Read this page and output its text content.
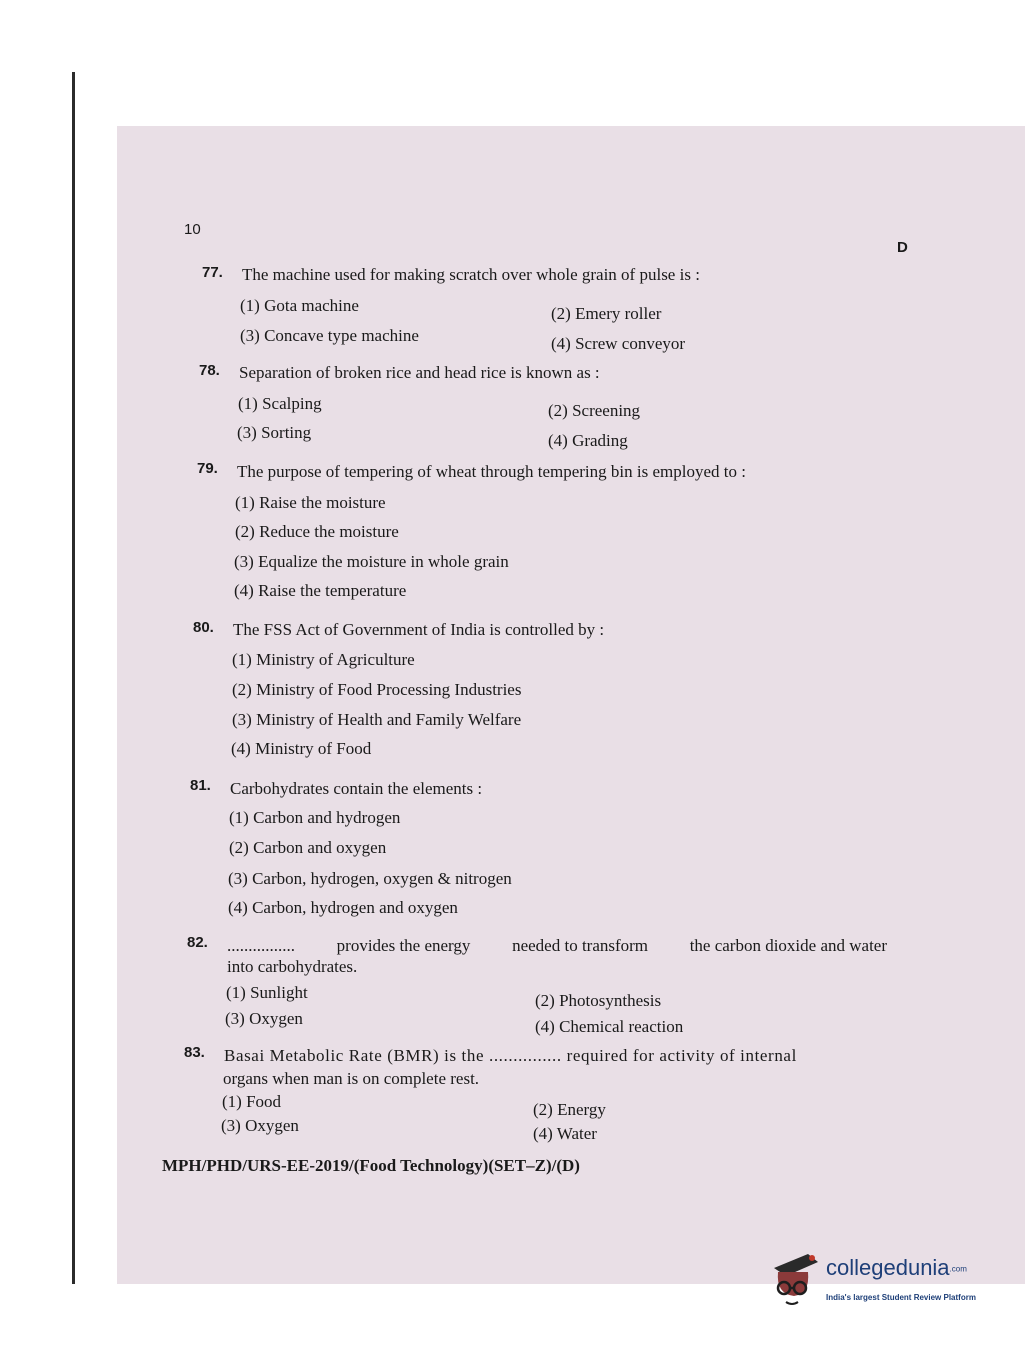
10
D
77. The machine used for making scratch over whole grain of pulse is :
(1) Gota machine	(2) Emery roller
(3) Concave type machine	(4) Screw conveyor
78. Separation of broken rice and head rice is known as :
(1) Scalping	(2) Screening
(3) Sorting	(4) Grading
79. The purpose of tempering of wheat through tempering bin is employed to :
(1) Raise the moisture
(2) Reduce the moisture
(3) Equalize the moisture in whole grain
(4) Raise the temperature
80. The FSS Act of Government of India is controlled by :
(1) Ministry of Agriculture
(2) Ministry of Food Processing Industries
(3) Ministry of Health and Family Welfare
(4) Ministry of Food
81. Carbohydrates contain the elements :
(1) Carbon and hydrogen
(2) Carbon and oxygen
(3) Carbon, hydrogen, oxygen & nitrogen
(4) Carbon, hydrogen and oxygen
82. ................ provides the energy needed to transform the carbon dioxide and water
into carbohydrates.
(1) Sunlight	(2) Photosynthesis
(3) Oxygen	(4) Chemical reaction
83. Basai Metabolic Rate (BMR) is the ............... required for activity of internal
organs when man is on complete rest.
(1) Food	(2) Energy
(3) Oxygen	(4) Water
MPH/PHD/URS-EE-2019/(Food Technology)(SET–Z)/(D)
collegedunia.com
India's largest Student Review Platform
